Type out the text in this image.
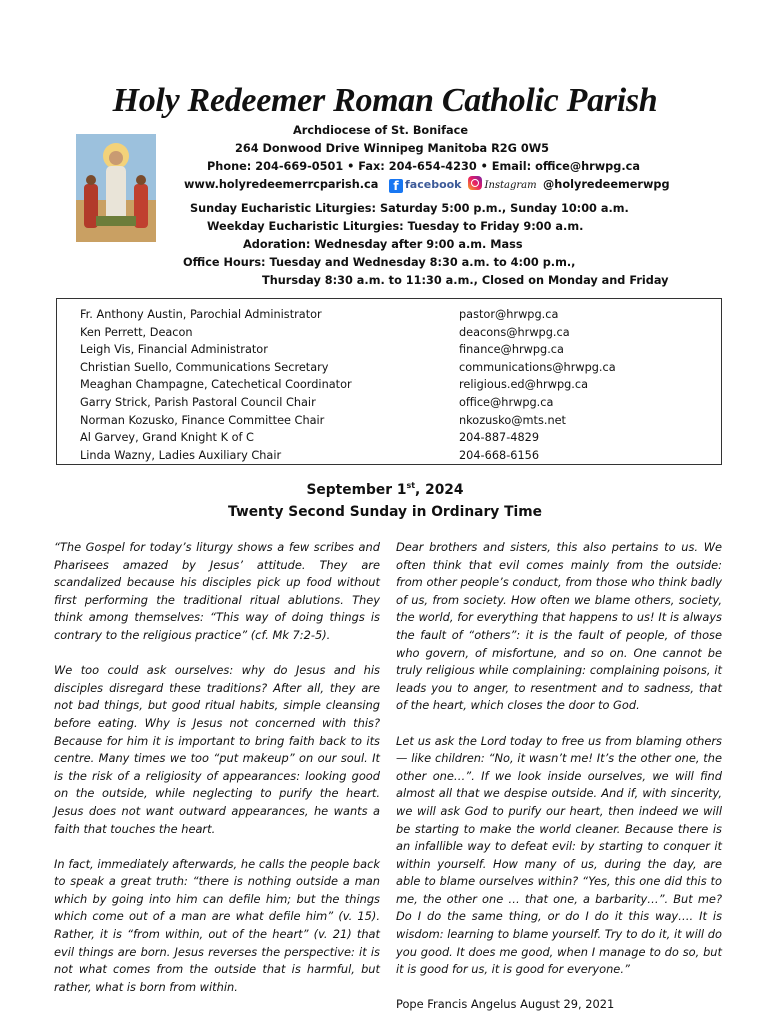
Holy Redeemer Roman Catholic Parish
Archdiocese of St. Boniface
264 Donwood Drive Winnipeg Manitoba R2G 0W5
Phone: 204-669-0501 • Fax: 204-654-4230 • Email: office@hrwpg.ca
www.holyredeemerrcparish.ca	f facebook Instagram @holyredeemerwpg
Sunday Eucharistic Liturgies: Saturday 5:00 p.m., Sunday 10:00 a.m.
Weekday Eucharistic Liturgies: Tuesday to Friday 9:00 a.m.
Adoration: Wednesday after 9:00 a.m. Mass
Office Hours: Tuesday and Wednesday 8:30 a.m. to 4:00 p.m.,
Thursday 8:30 a.m. to 11:30 a.m., Closed on Monday and Friday
Fr. Anthony Austin, Parochial Administrator
Ken Perrett, Deacon
Leigh Vis, Financial Administrator
Christian Suello, Communications Secretary
Meaghan Champagne, Catechetical Coordinator
Garry Strick, Parish Pastoral Council Chair
Norman Kozusko, Finance Committee Chair
Al Garvey, Grand Knight K of C
Linda Wazny, Ladies Auxiliary Chair
pastor@hrwpg.ca
deacons@hrwpg.ca
finance@hrwpg.ca
communications@hrwpg.ca
religious.ed@hrwpg.ca
office@hrwpg.ca
nkozusko@mts.net
204-887-4829
204-668-6156
September 1st, 2024
Twenty Second Sunday in Ordinary Time

“The Gospel for today’s liturgy shows a few scribes and Pharisees amazed by Jesus’ attitude. They are scandalized because his disciples pick up food without first performing the traditional ritual ablutions. They think among themselves: “This way of doing things is contrary to the religious practice” (cf. Mk 7:2-5).

We too could ask ourselves: why do Jesus and his disciples disregard these traditions? After all, they are not bad things, but good ritual habits, simple cleansing before eating. Why is Jesus not concerned with this? Because for him it is important to bring faith back to its centre. Many times we too “put makeup” on our soul. It is the risk of a religiosity of appearances: looking good on the outside, while neglecting to purify the heart. Jesus does not want outward appearances, he wants a faith that touches the heart.

In fact, immediately afterwards, he calls the people back to speak a great truth: “there is nothing outside a man which by going into him can defile him; but the things which come out of a man are what defile him” (v. 15). Rather, it is “from within, out of the heart” (v. 21) that evil things are born. Jesus reverses the perspective: it is not what comes from the outside that is harmful, but rather, what is born from within.

Dear brothers and sisters, this also pertains to us. We often think that evil comes mainly from the outside: from other people’s conduct, from those who think badly of us, from society. How often we blame others, society, the world, for everything that happens to us! It is always the fault of “others”: it is the fault of people, of those who govern, of misfortune, and so on. One cannot be truly religious while complaining: complaining poisons, it leads you to anger, to resentment and to sadness, that of the heart, which closes the door to God.

Let us ask the Lord today to free us from blaming others — like children: “No, it wasn’t me! It’s the other one, the other one…”. If we look inside ourselves, we will find almost all that we despise outside. And if, with sincerity, we will ask God to purify our heart, then indeed we will be starting to make the world cleaner. Because there is an infallible way to defeat evil: by starting to conquer it within yourself. How many of us, during the day, are able to blame ourselves within? “Yes, this one did this to me, the other one … that one, a barbarity…”. But me? Do I do the same thing, or do I do it this way…. It is wisdom: learning to blame yourself. Try to do it, it will do you good. It does me good, when I manage to do so, but it is good for us, it is good for everyone.”

Pope Francis Angelus August 29, 2021
